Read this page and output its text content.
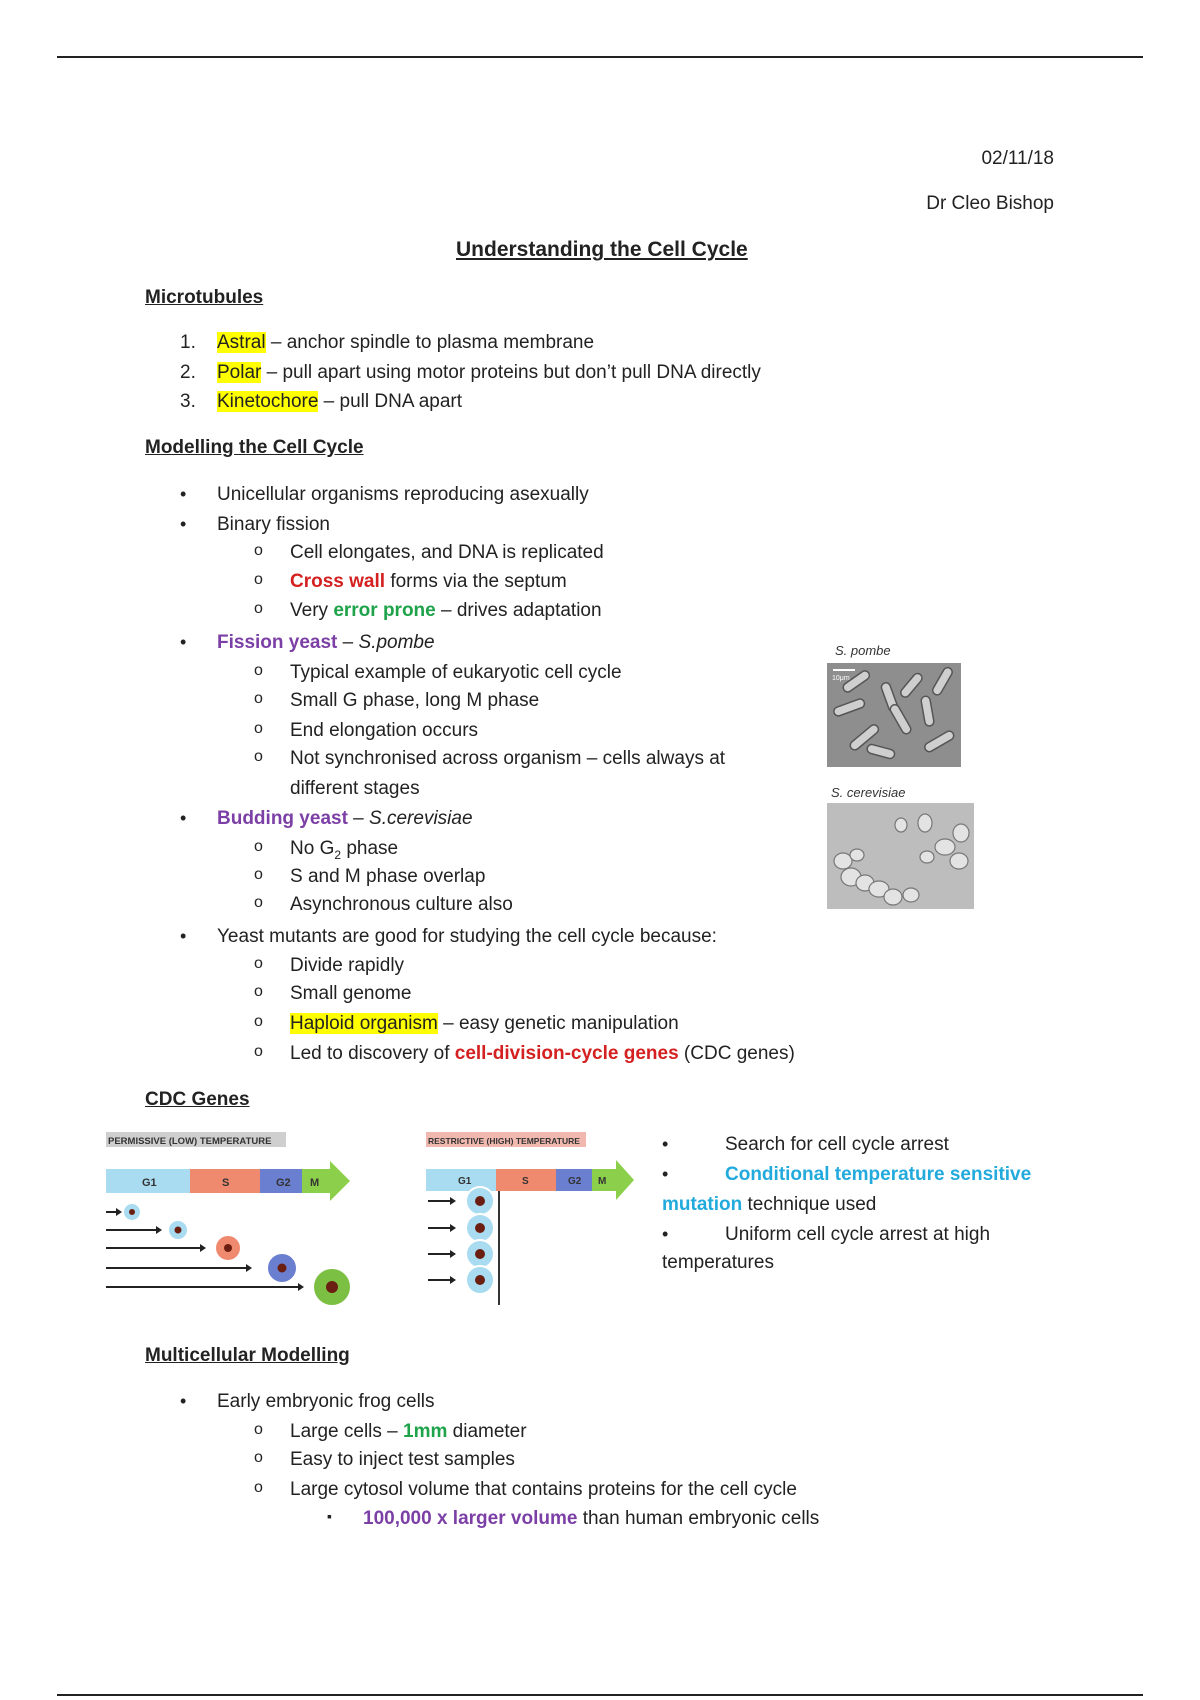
02/11/18
Dr Cleo Bishop
Understanding the Cell Cycle
Microtubules
1. Astral – anchor spindle to plasma membrane
2. Polar – pull apart using motor proteins but don’t pull DNA directly
3. Kinetochore – pull DNA apart
Modelling the Cell Cycle
• Unicellular organisms reproducing asexually
• Binary fission
o Cell elongates, and DNA is replicated
o Cross wall forms via the septum
o Very error prone – drives adaptation
• Fission yeast – S.pombe
o Typical example of eukaryotic cell cycle
o Small G phase, long M phase
o End elongation occurs
o Not synchronised across organism – cells always at
different stages
• Budding yeast – S.cerevisiae
o No $G_2$ phase
o S and M phase overlap
o Asynchronous culture also
• Yeast mutants are good for studying the cell cycle because:
o Divide rapidly
o Small genome
o Haploid organism – easy genetic manipulation
o Led to discovery of cell-division-cycle genes (CDC genes)
S. pombe
10μm
S. cerevisiae
CDC Genes
PERMISSIVE (LOW) TEMPERATURE
G1	S	G2 M
RESTRICTIVE (HIGH) TEMPERATURE
G1	S	G2 M
•	Search for cell cycle arrest
•	Conditional temperature sensitive
mutation technique used
•	Uniform cell cycle arrest at high
temperatures
Multicellular Modelling
• Early embryonic frog cells
o Large cells – 1mm diameter
o Easy to inject test samples
o Large cytosol volume that contains proteins for the cell cycle
▪ 100,000 x larger volume than human embryonic cells
